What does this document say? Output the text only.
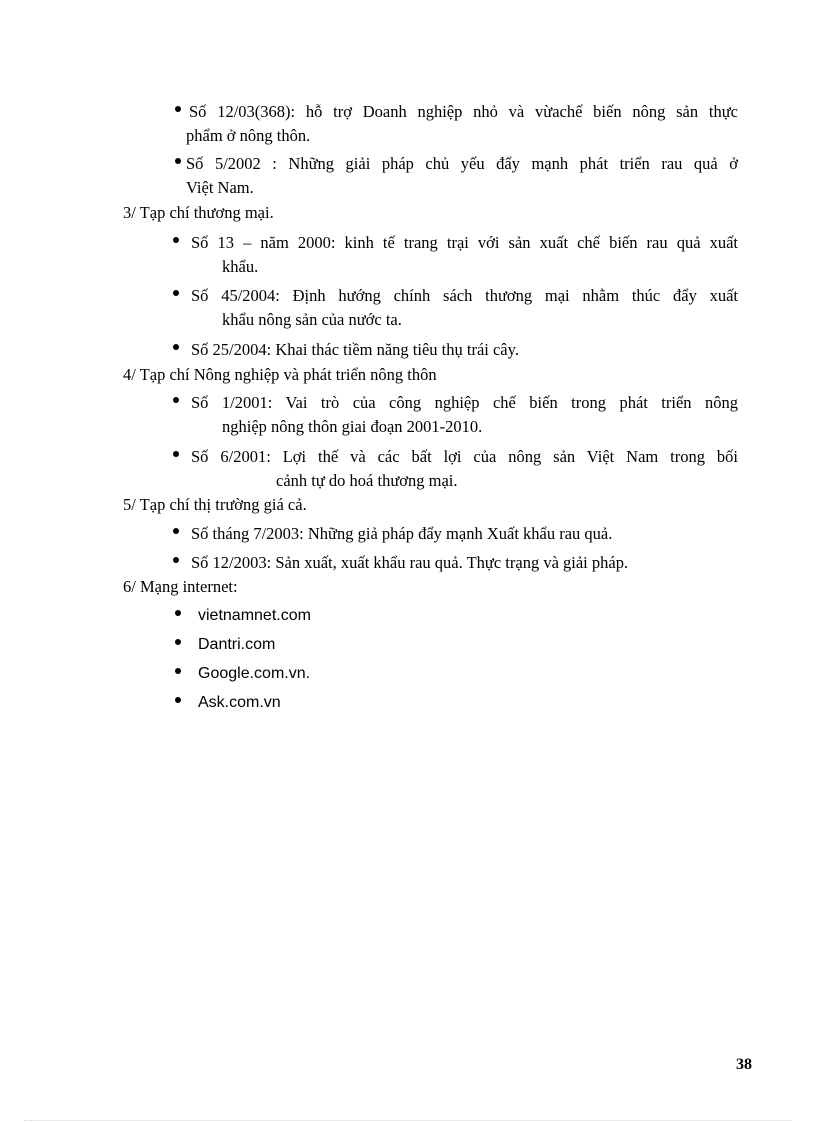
Số 12/03(368): hỗ trợ Doanh nghiệp nhỏ và vừachế biến nông sản thực
phẩm ở nông thôn.
Số 5/2002 : Những giải pháp chủ yếu đẩy mạnh phát triển rau quả ở
Việt Nam.
3/ Tạp chí thương mại.
Số 13 – năm 2000: kinh tế trang trại với sản xuất chế biến rau quả xuất
khẩu.
Số 45/2004: Định hướng chính sách thương mại nhằm thúc đẩy xuất
khẩu nông sản của nước ta.
Số 25/2004: Khai thác tiềm năng tiêu thụ trái cây.
4/ Tạp chí Nông nghiệp và phát triển nông thôn
Số 1/2001: Vai trò của công nghiệp chế biến trong phát triển nông
nghiệp nông thôn giai đoạn 2001-2010.
Số 6/2001: Lợi thế và các bất lợi của nông sản Việt Nam trong bối
cảnh tự do hoá thương mại.
5/ Tạp chí thị trường giá cả.
Số tháng 7/2003: Những giả pháp đẩy mạnh Xuất khẩu rau quả.
Số 12/2003: Sản xuất, xuất khẩu rau quả. Thực trạng và giải pháp.
6/ Mạng internet:
vietnamnet.com
Dantri.com
Google.com.vn.
Ask.com.vn
38
